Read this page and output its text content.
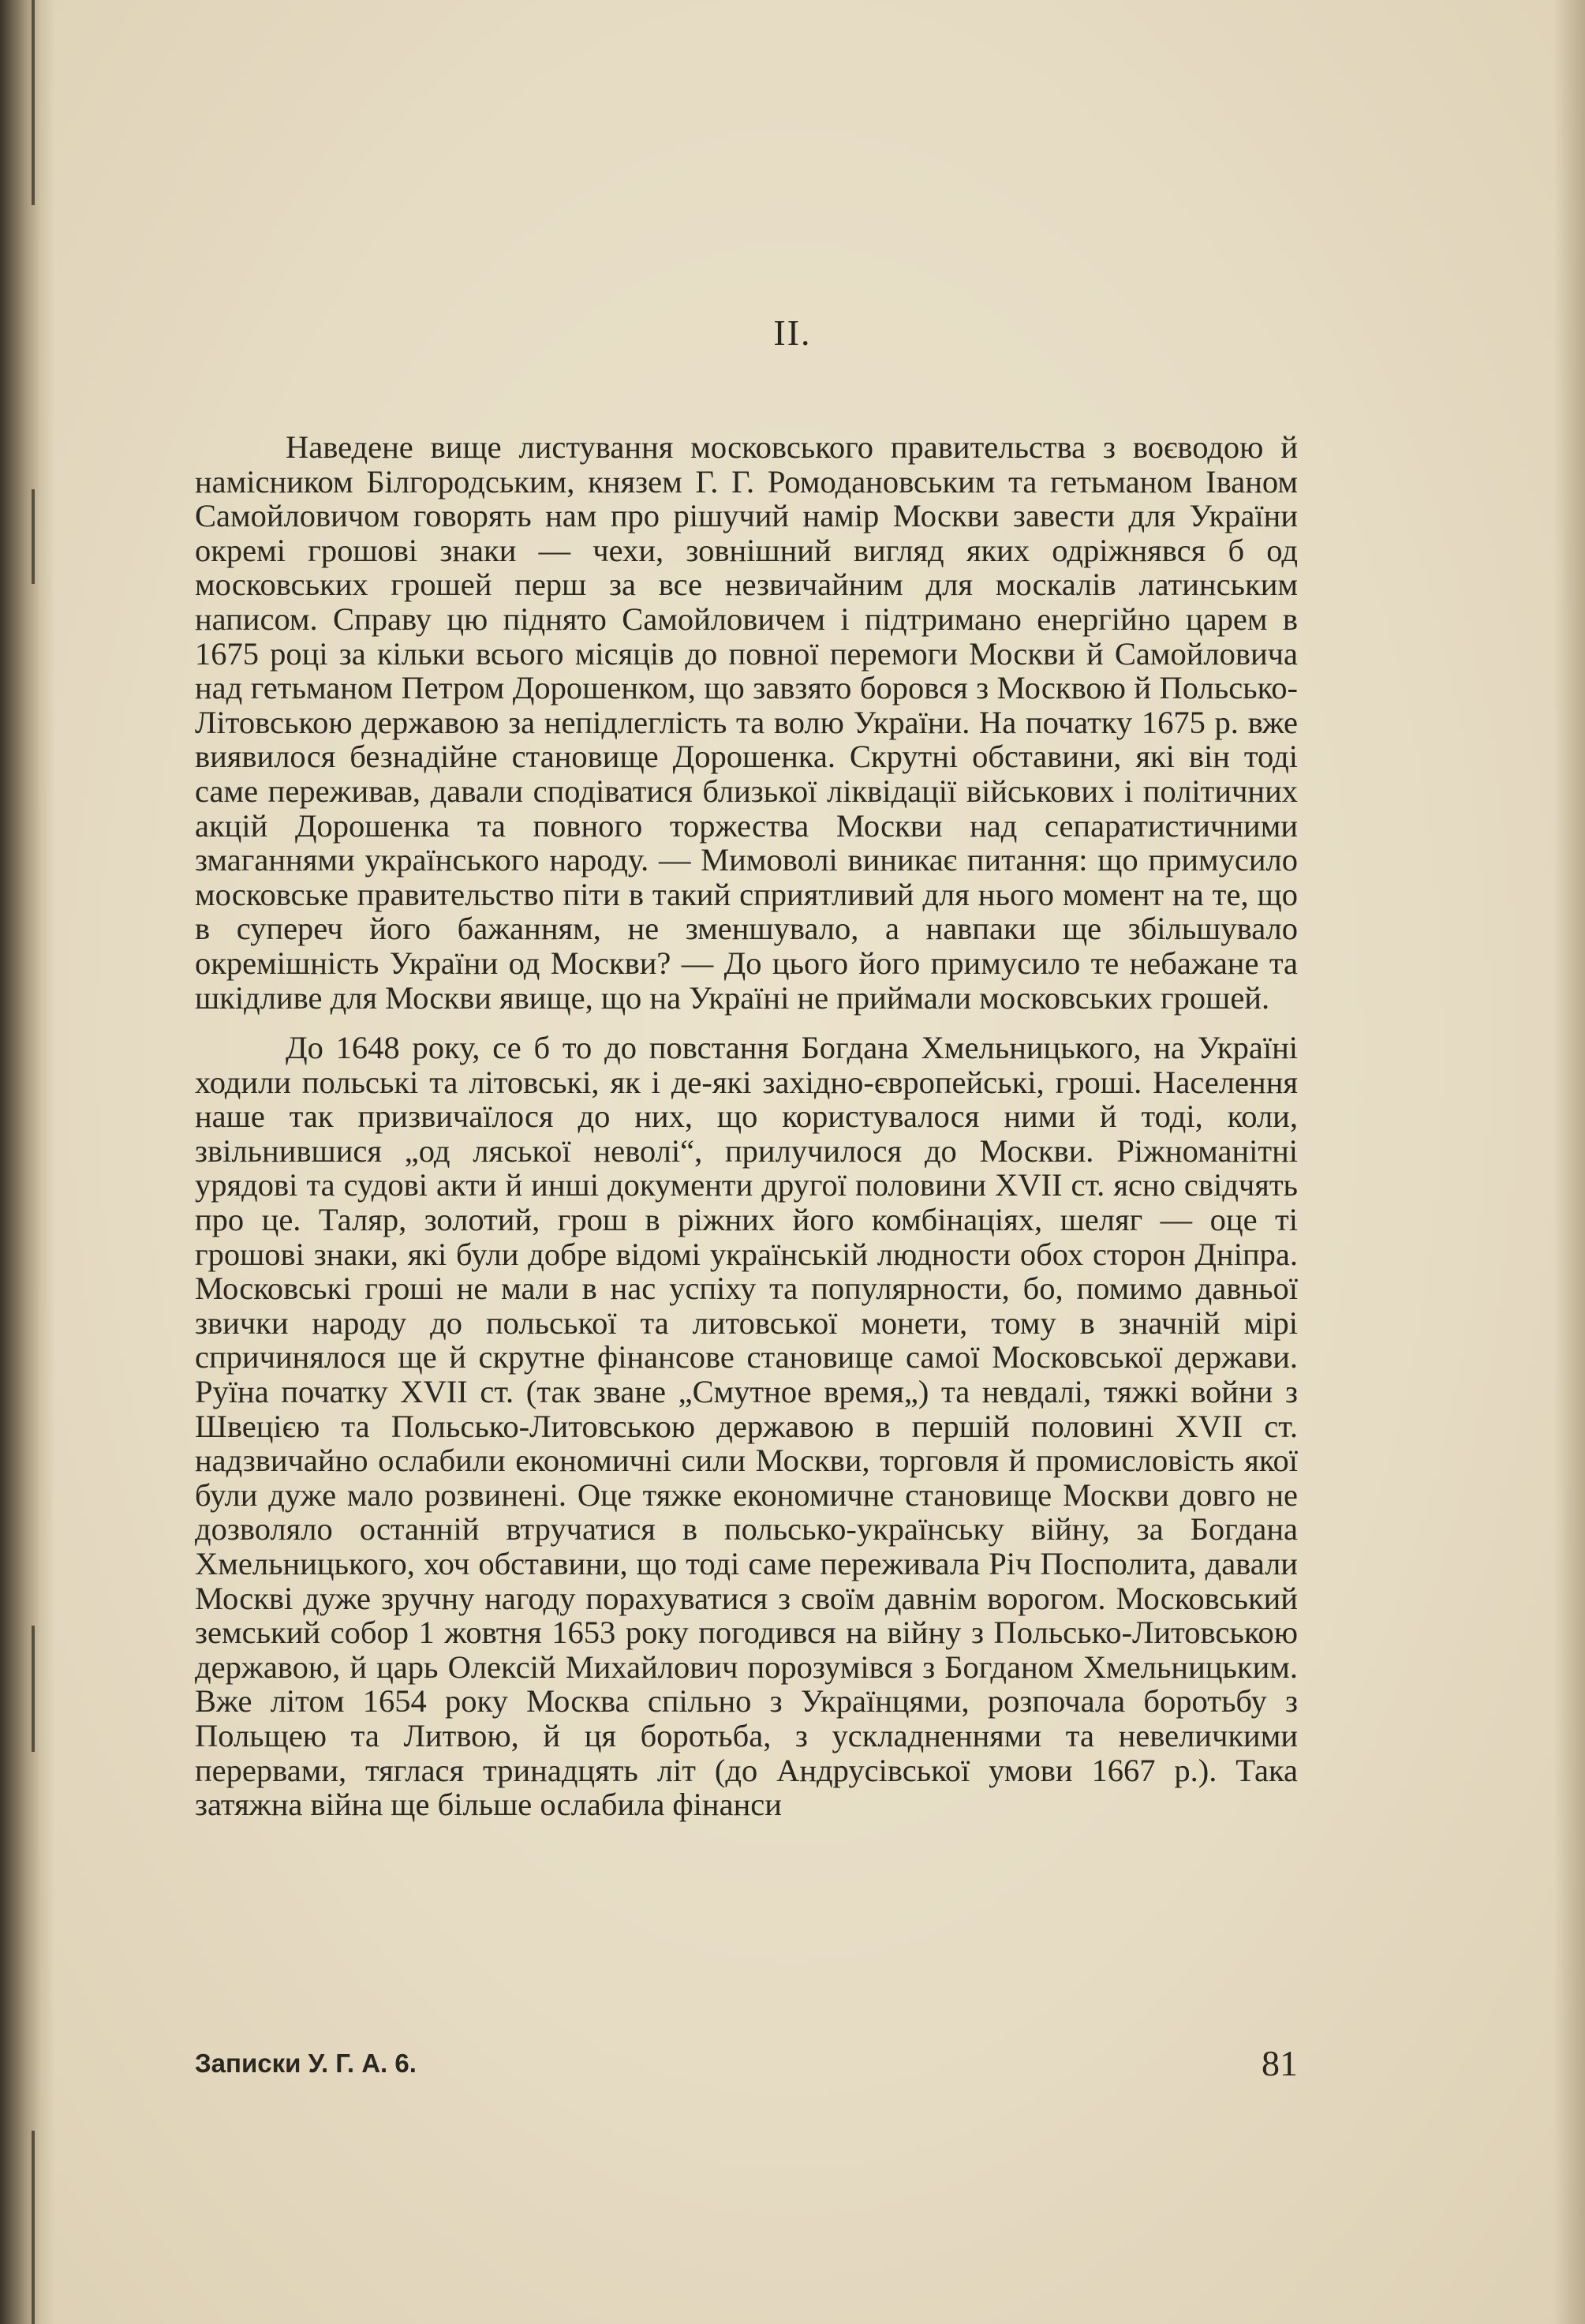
II.

Наведене вище листування московського правительства з воєводою й намісником Білгородським, князем Г. Г. Ромодановським та гетьманом Іваном Самойловичом говорять нам про рішучий намір Москви завести для України окремі грошові знаки — чехи, зовнішний вигляд яких одріжнявся б од московських грошей перш за все незвичайним для москалів латинським написом. Справу цю піднято Самойловичем і підтримано енергійно царем в 1675 році за кільки всього місяців до повної перемоги Москви й Самойловича над гетьманом Петром Дорошенком, що завзято боровся з Москвою й Польсько-Літовською державою за непідлеглість та волю України. На початку 1675 р. вже виявилося безнадійне становище Дорошенка. Скрутні обставини, які він тоді саме переживав, давали сподіватися близької ліквідації військових і політичних акцій Дорошенка та повного торжества Москви над сепаратистичними змаганнями українського народу. — Мимоволі виникає питання: що примусило московське правительство піти в такий сприятливий для нього момент на те, що в супереч його бажанням, не зменшувало, а навпаки ще збільшувало окремішність України од Москви? — До цього його примусило те небажане та шкідливе для Москви явище, що на Україні не приймали московських грошей.

До 1648 року, се б то до повстання Богдана Хмельницького, на Україні ходили польські та літовські, як і де-які західно-європейські, гроші. Населення наше так призвичаїлося до них, що користувалося ними й тоді, коли, звільнившися „од ляської неволі“, прилучилося до Москви. Ріжноманітні урядові та судові акти й инші документи другої половини XVII ст. ясно свідчять про це. Таляр, золотий, грош в ріжних його комбінаціях, шеляг — оце ті грошові знаки, які були добре відомі українській людности обох сторон Дніпра. Московські гроші не мали в нас успіху та популярности, бо, помимо давньої звички народу до польської та литовської монети, тому в значній мірі спричинялося ще й скрутне фінансове становище самої Московської держави. Руїна початку XVII ст. (так зване „Смутное время„) та невдалі, тяжкі войни з Швецією та Польсько-Литовською державою в першій половині XVII ст. надзвичайно ослабили економичні сили Москви, торговля й промисловість якої були дуже мало розвинені. Оце тяжке економичне становище Москви довго не дозволяло останній втручатися в польсько-українську війну, за Богдана Хмельницького, хоч обставини, що тоді саме переживала Річ Посполита, давали Москві дуже зручну нагоду порахуватися з своїм давнім ворогом. Московський земський собор 1 жовтня 1653 року погодився на війну з Польсько-Литовською державою, й царь Олексій Михайлович порозумівся з Богданом Хмельницьким. Вже літом 1654 року Москва спільно з Українцями, розпочала боротьбу з Польщею та Литвою, й ця боротьба, з ускладненнями та невеличкими перервами, тяглася тринадцять літ (до Андрусівської умови 1667 р.). Така затяжна війна ще більше ослабила фінанси

Записки У. Г. А. 6.	81
